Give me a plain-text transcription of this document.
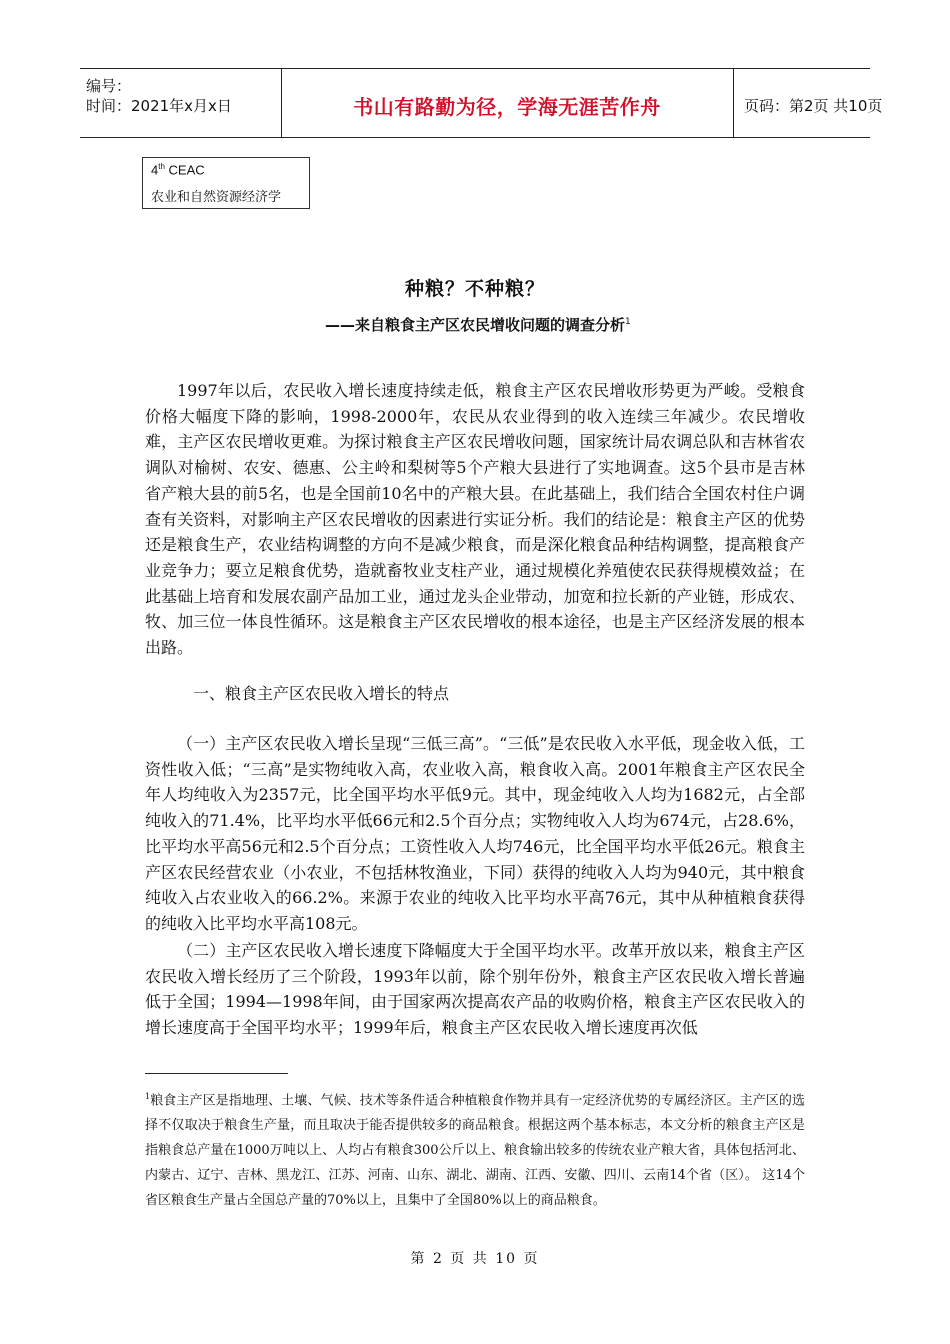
编号：
时间：2021年x月x日	书山有路勤为径，学海无涯苦作舟	页码：第2页 共10页
4th CEAC
农业和自然资源经济学
种粮？不种粮？
——来自粮食主产区农民增收问题的调查分析$^1$

1997年以后，农民收入增长速度持续走低，粮食主产区农民增收形势更为严峻。受粮食价格大幅度下降的影响，1998-2000年，农民从农业得到的收入连续三年减少。农民增收难，主产区农民增收更难。为探讨粮食主产区农民增收问题，国家统计局农调总队和吉林省农调队对榆树、农安、德惠、公主岭和梨树等5个产粮大县进行了实地调查。这5个县市是吉林省产粮大县的前5名，也是全国前10名中的产粮大县。在此基础上，我们结合全国农村住户调查有关资料，对影响主产区农民增收的因素进行实证分析。我们的结论是：粮食主产区的优势还是粮食生产，农业结构调整的方向不是减少粮食，而是深化粮食品种结构调整，提高粮食产业竞争力；要立足粮食优势，造就畜牧业支柱产业，通过规模化养殖使农民获得规模效益；在此基础上培育和发展农副产品加工业，通过龙头企业带动，加宽和拉长新的产业链，形成农、牧、加三位一体良性循环。这是粮食主产区农民增收的根本途径，也是主产区经济发展的根本出路。

一、粮食主产区农民收入增长的特点

（一）主产区农民收入增长呈现“三低三高”。“三低”是农民收入水平低，现金收入低，工资性收入低；“三高”是实物纯收入高，农业收入高，粮食收入高。2001年粮食主产区农民全年人均纯收入为2357元，比全国平均水平低9元。其中，现金纯收入人均为1682元，占全部纯收入的71.4%，比平均水平低66元和2.5个百分点；实物纯收入人均为674元，占28.6%，比平均水平高56元和2.5个百分点；工资性收入人均746元，比全国平均水平低26元。粮食主产区农民经营农业（小农业，不包括林牧渔业，下同）获得的纯收入人均为940元，其中粮食纯收入占农业收入的66.2%。来源于农业的纯收入比平均水平高76元，其中从种植粮食获得的纯收入比平均水平高108元。

（二）主产区农民收入增长速度下降幅度大于全国平均水平。改革开放以来，粮食主产区农民收入增长经历了三个阶段，1993年以前，除个别年份外，粮食主产区农民收入增长普遍低于全国；1994—1998年间，由于国家两次提高农产品的收购价格，粮食主产区农民收入的增长速度高于全国平均水平；1999年后，粮食主产区农民收入增长速度再次低

$^1$粮食主产区是指地理、土壤、气候、技术等条件适合种植粮食作物并具有一定经济优势的专属经济区。主产区的选择不仅取决于粮食生产量，而且取决于能否提供较多的商品粮食。根据这两个基本标志，本文分析的粮食主产区是指粮食总产量在1000万吨以上、人均占有粮食300公斤以上、粮食输出较多的传统农业产粮大省，具体包括河北、内蒙古、辽宁、吉林、黑龙江、江苏、河南、山东、湖北、湖南、江西、安徽、四川、云南14个省（区）。 这14个省区粮食生产量占全国总产量的70%以上，且集中了全国80%以上的商品粮食。

第 2 页 共 10 页
